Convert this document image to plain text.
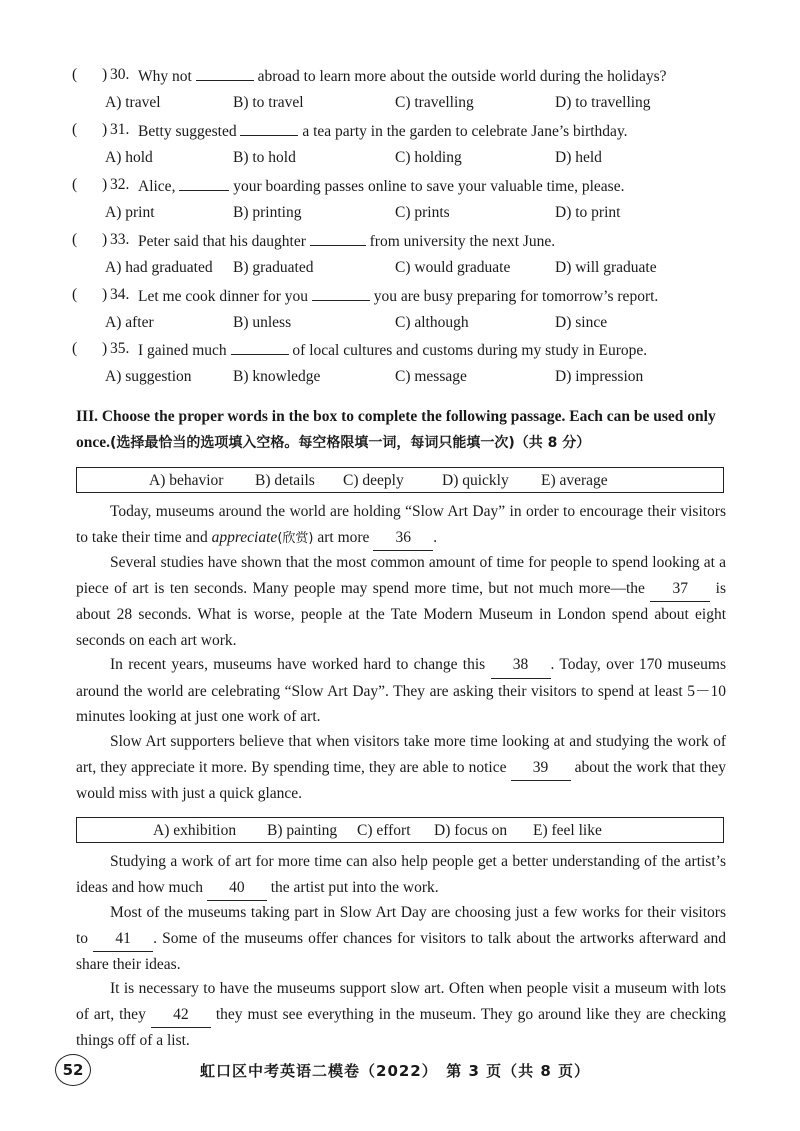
( ) 30. Why not	abroad to learn more about the outside world during the holidays?
A) travel	B) to travel	C) travelling	D) to travelling
( ) 31. Betty suggested	a tea party in the garden to celebrate Jane’s birthday.
A) hold	B) to hold	C) holding	D) held
( ) 32. Alice,	your boarding passes online to save your valuable time, please.
A) print	B) printing	C) prints	D) to print
( ) 33. Peter said that his daughter	from university the next June.
A) had graduated B) graduated	C) would graduate	D) will graduate
( ) 34. Let me cook dinner for you	you are busy preparing for tomorrow’s report.
A) after	B) unless	C) although	D) since
( ) 35. I gained much	of local cultures and customs during my study in Europe.
A) suggestion	B) knowledge	C) message	D) impression
III. Choose the proper words in the box to complete the following passage. Each can be used only once.(选择最恰当的选项填入空格。每空格限填一词，每词只能填一次)（共 8 分）
A) behavior B) details C) deeply D) quickly E) average
Today, museums around the world are holding “Slow Art Day” in order to encourage their visitors to take their time and appreciate(欣赏) art more 36 .
Several studies have shown that the most common amount of time for people to spend looking at a piece of art is ten seconds. Many people may spend more time, but not much more—the 37 is about 28 seconds. What is worse, people at the Tate Modern Museum in London spend about eight seconds on each art work.
In recent years, museums have worked hard to change this 38 . Today, over 170 museums around the world are celebrating “Slow Art Day”. They are asking their visitors to spend at least 5－10 minutes looking at just one work of art.
Slow Art supporters believe that when visitors take more time looking at and studying the work of art, they appreciate it more. By spending time, they are able to notice 39 about the work that they would miss with just a quick glance.
A) exhibition B) painting C) effort D) focus on E) feel like
Studying a work of art for more time can also help people get a better understanding of the artist’s ideas and how much 40 the artist put into the work.
Most of the museums taking part in Slow Art Day are choosing just a few works for their visitors to 41 . Some of the museums offer chances for visitors to talk about the artworks afterward and share their ideas.
It is necessary to have the museums support slow art. Often when people visit a museum with lots of art, they 42 they must see everything in the museum. They go around like they are checking things off of a list.
52	虹口区中考英语二模卷（2022）　第 3 页（共 8 页）
